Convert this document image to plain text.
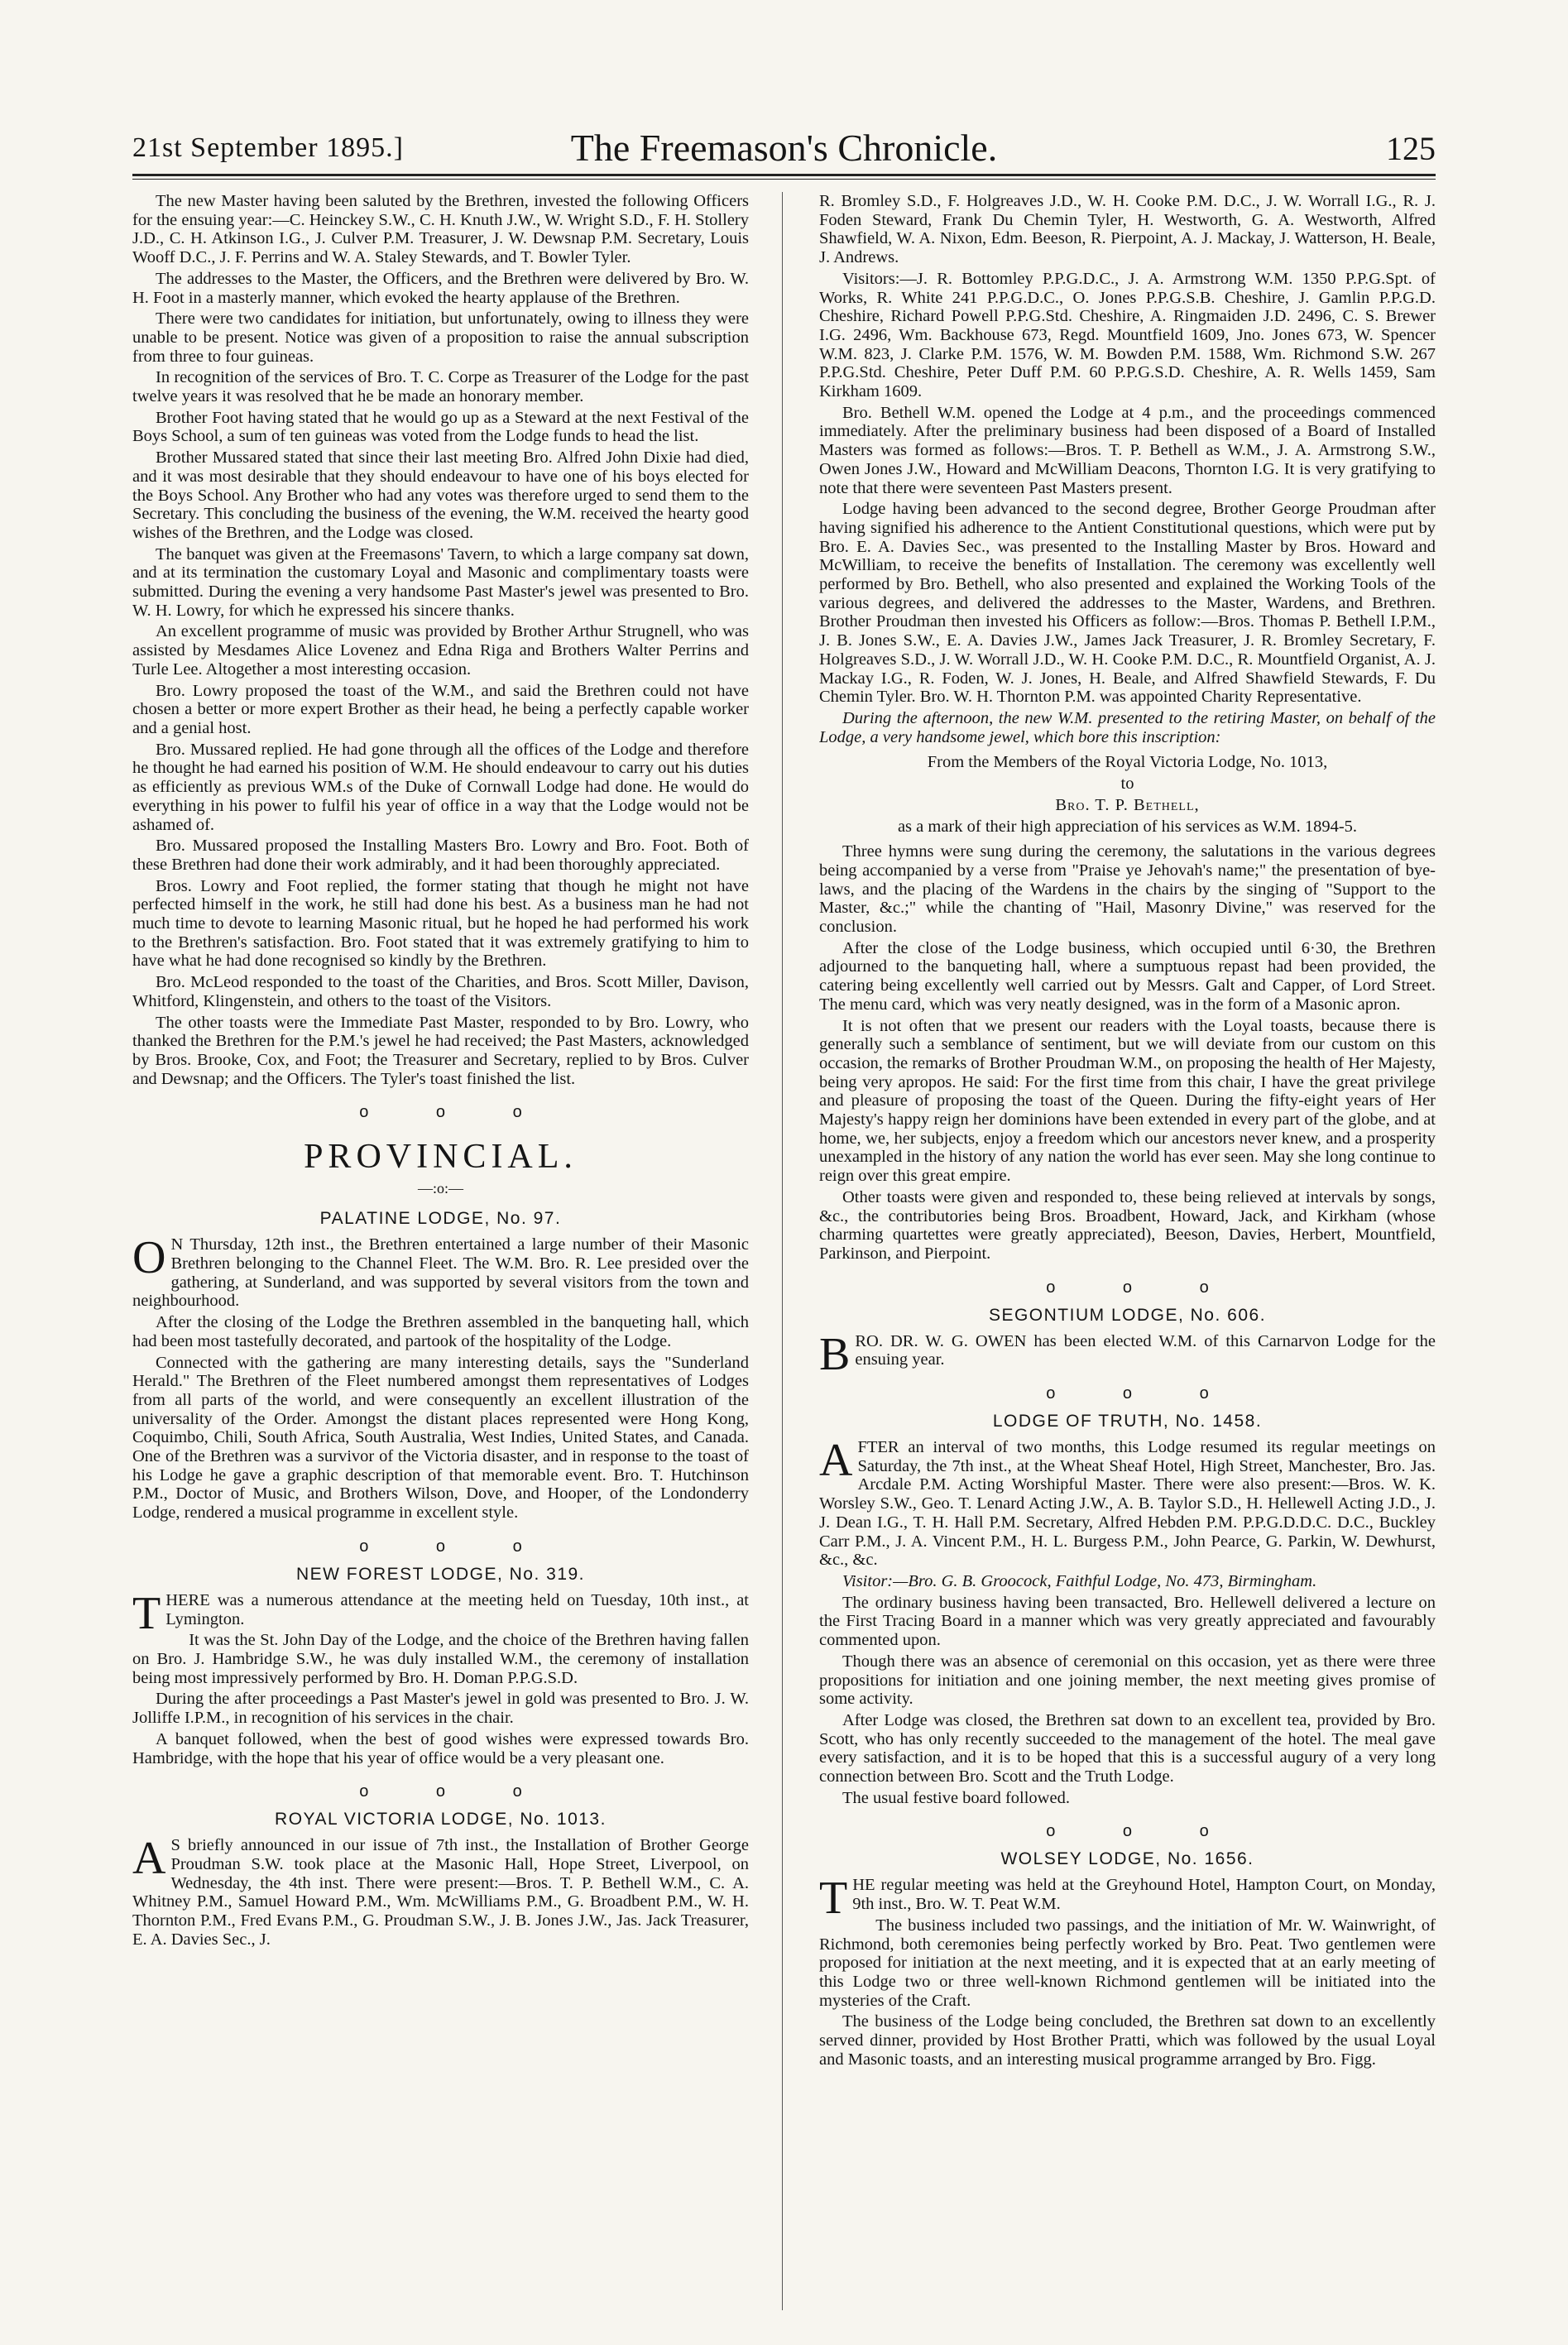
21st September 1895.]	The Freemason's Chronicle.	125

The new Master having been saluted by the Brethren, invested the following Officers for the ensuing year:—C. Heinckey S.W., C. H. Knuth J.W., W. Wright S.D., F. H. Stollery J.D., C. H. Atkinson I.G., J. Culver P.M. Treasurer, J. W. Dewsnap P.M. Secretary, Louis Wooff D.C., J. F. Perrins and W. A. Staley Stewards, and T. Bowler Tyler.

The addresses to the Master, the Officers, and the Brethren were delivered by Bro. W. H. Foot in a masterly manner, which evoked the hearty applause of the Brethren.

There were two candidates for initiation, but unfortunately, owing to illness they were unable to be present. Notice was given of a proposition to raise the annual subscription from three to four guineas.

In recognition of the services of Bro. T. C. Corpe as Treasurer of the Lodge for the past twelve years it was resolved that he be made an honorary member.

Brother Foot having stated that he would go up as a Steward at the next Festival of the Boys School, a sum of ten guineas was voted from the Lodge funds to head the list.

Brother Mussared stated that since their last meeting Bro. Alfred John Dixie had died, and it was most desirable that they should endeavour to have one of his boys elected for the Boys School. Any Brother who had any votes was therefore urged to send them to the Secretary. This concluding the business of the evening, the W.M. received the hearty good wishes of the Brethren, and the Lodge was closed.

The banquet was given at the Freemasons' Tavern, to which a large company sat down, and at its termination the customary Loyal and Masonic and complimentary toasts were submitted. During the evening a very handsome Past Master's jewel was presented to Bro. W. H. Lowry, for which he expressed his sincere thanks.

An excellent programme of music was provided by Brother Arthur Strugnell, who was assisted by Mesdames Alice Lovenez and Edna Riga and Brothers Walter Perrins and Turle Lee. Altogether a most interesting occasion.

Bro. Lowry proposed the toast of the W.M., and said the Brethren could not have chosen a better or more expert Brother as their head, he being a perfectly capable worker and a genial host.

Bro. Mussared replied. He had gone through all the offices of the Lodge and therefore he thought he had earned his position of W.M. He should endeavour to carry out his duties as efficiently as previous WM.s of the Duke of Cornwall Lodge had done. He would do everything in his power to fulfil his year of office in a way that the Lodge would not be ashamed of.

Bro. Mussared proposed the Installing Masters Bro. Lowry and Bro. Foot. Both of these Brethren had done their work admirably, and it had been thoroughly appreciated.

Bros. Lowry and Foot replied, the former stating that though he might not have perfected himself in the work, he still had done his best. As a business man he had not much time to devote to learning Masonic ritual, but he hoped he had performed his work to the Brethren's satisfaction. Bro. Foot stated that it was extremely gratifying to him to have what he had done recognised so kindly by the Brethren.

Bro. McLeod responded to the toast of the Charities, and Bros. Scott Miller, Davison, Whitford, Klingenstein, and others to the toast of the Visitors.

The other toasts were the Immediate Past Master, responded to by Bro. Lowry, who thanked the Brethren for the P.M.'s jewel he had received; the Past Masters, acknowledged by Bros. Brooke, Cox, and Foot; the Treasurer and Secretary, replied to by Bros. Culver and Dewsnap; and the Officers. The Tyler's toast finished the list.

o o o
PROVINCIAL.
—:o:—
PALATINE LODGE, No. 97.

O N Thursday, 12th inst., the Brethren entertained a large number of their Masonic Brethren belonging to the Channel Fleet. The W.M. Bro. R. Lee presided over the gathering, at Sunderland, and was supported by several visitors from the town and neighbourhood.

After the closing of the Lodge the Brethren assembled in the banqueting hall, which had been most tastefully decorated, and partook of the hospitality of the Lodge.

Connected with the gathering are many interesting details, says the "Sunderland Herald." The Brethren of the Fleet numbered amongst them representatives of Lodges from all parts of the world, and were consequently an excellent illustration of the universality of the Order. Amongst the distant places represented were Hong Kong, Coquimbo, Chili, South Africa, South Australia, West Indies, United States, and Canada. One of the Brethren was a survivor of the Victoria disaster, and in response to the toast of his Lodge he gave a graphic description of that memorable event. Bro. T. Hutchinson P.M., Doctor of Music, and Brothers Wilson, Dove, and Hooper, of the Londonderry Lodge, rendered a musical programme in excellent style.

o o o
NEW FOREST LODGE, No. 319.

THERE was a numerous attendance at the meeting held on Tuesday, 10th inst., at Lymington.

It was the St. John Day of the Lodge, and the choice of the Brethren having fallen on Bro. J. Hambridge S.W., he was duly installed W.M., the ceremony of installation being most impressively performed by Bro. H. Doman P.P.G.S.D.

During the after proceedings a Past Master's jewel in gold was presented to Bro. J. W. Jolliffe I.P.M., in recognition of his services in the chair.

A banquet followed, when the best of good wishes were expressed towards Bro. Hambridge, with the hope that his year of office would be a very pleasant one.

o o o
ROYAL VICTORIA LODGE, No. 1013.

A S briefly announced in our issue of 7th inst., the Installation of Brother George Proudman S.W. took place at the Masonic Hall, Hope Street, Liverpool, on Wednesday, the 4th inst. There were present:—Bros. T. P. Bethell W.M., C. A. Whitney P.M., Samuel Howard P.M., Wm. McWilliams P.M., G. Broadbent P.M., W. H. Thornton P.M., Fred Evans P.M., G. Proudman S.W., J. B. Jones J.W., Jas. Jack Treasurer, E. A. Davies Sec., J.

R. Bromley S.D., F. Holgreaves J.D., W. H. Cooke P.M. D.C., J. W. Worrall I.G., R. J. Foden Steward, Frank Du Chemin Tyler, H. Westworth, G. A. Westworth, Alfred Shawfield, W. A. Nixon, Edm. Beeson, R. Pierpoint, A. J. Mackay, J. Watterson, H. Beale, J. Andrews.

Visitors:—J. R. Bottomley P.P.G.D.C., J. A. Armstrong W.M. 1350 P.P.G.Spt. of Works, R. White 241 P.P.G.D.C., O. Jones P.P.G.S.B. Cheshire, J. Gamlin P.P.G.D. Cheshire, Richard Powell P.P.G.Std. Cheshire, A. Ringmaiden J.D. 2496, C. S. Brewer I.G. 2496, Wm. Backhouse 673, Regd. Mountfield 1609, Jno. Jones 673, W. Spencer W.M. 823, J. Clarke P.M. 1576, W. M. Bowden P.M. 1588, Wm. Richmond S.W. 267 P.P.G.Std. Cheshire, Peter Duff P.M. 60 P.P.G.S.D. Cheshire, A. R. Wells 1459, Sam Kirkham 1609.

Bro. Bethell W.M. opened the Lodge at 4 p.m., and the proceedings commenced immediately. After the preliminary business had been disposed of a Board of Installed Masters was formed as follows:—Bros. T. P. Bethell as W.M., J. A. Armstrong S.W., Owen Jones J.W., Howard and McWilliam Deacons, Thornton I.G. It is very gratifying to note that there were seventeen Past Masters present.

Lodge having been advanced to the second degree, Brother George Proudman after having signified his adherence to the Antient Constitutional questions, which were put by Bro. E. A. Davies Sec., was presented to the Installing Master by Bros. Howard and McWilliam, to receive the benefits of Installation. The ceremony was excellently well performed by Bro. Bethell, who also presented and explained the Working Tools of the various degrees, and delivered the addresses to the Master, Wardens, and Brethren. Brother Proudman then invested his Officers as follow:—Bros. Thomas P. Bethell I.P.M., J. B. Jones S.W., E. A. Davies J.W., James Jack Treasurer, J. R. Bromley Secretary, F. Holgreaves S.D., J. W. Worrall J.D., W. H. Cooke P.M. D.C., R. Mountfield Organist, A. J. Mackay I.G., R. Foden, W. J. Jones, H. Beale, and Alfred Shawfield Stewards, F. Du Chemin Tyler. Bro. W. H. Thornton P.M. was appointed Charity Representative.

During the afternoon, the new W.M. presented to the retiring Master, on behalf of the Lodge, a very handsome jewel, which bore this inscription:

From the Members of the Royal Victoria Lodge, No. 1013,

to

Bro. T. P. Bethell,

as a mark of their high appreciation of his services as W.M. 1894-5.

Three hymns were sung during the ceremony, the salutations in the various degrees being accompanied by a verse from "Praise ye Jehovah's name;" the presentation of bye-laws, and the placing of the Wardens in the chairs by the singing of "Support to the Master, &c.;" while the chanting of "Hail, Masonry Divine," was reserved for the conclusion.

After the close of the Lodge business, which occupied until 6·30, the Brethren adjourned to the banqueting hall, where a sumptuous repast had been provided, the catering being excellently well carried out by Messrs. Galt and Capper, of Lord Street. The menu card, which was very neatly designed, was in the form of a Masonic apron.

It is not often that we present our readers with the Loyal toasts, because there is generally such a semblance of sentiment, but we will deviate from our custom on this occasion, the remarks of Brother Proudman W.M., on proposing the health of Her Majesty, being very apropos. He said: For the first time from this chair, I have the great privilege and pleasure of proposing the toast of the Queen. During the fifty-eight years of Her Majesty's happy reign her dominions have been extended in every part of the globe, and at home, we, her subjects, enjoy a freedom which our ancestors never knew, and a prosperity unexampled in the history of any nation the world has ever seen. May she long continue to reign over this great empire.

Other toasts were given and responded to, these being relieved at intervals by songs, &c., the contributories being Bros. Broadbent, Howard, Jack, and Kirkham (whose charming quartettes were greatly appreciated), Beeson, Davies, Herbert, Mountfield, Parkinson, and Pierpoint.

o o o
SEGONTIUM LODGE, No. 606.

BRO. DR. W. G. OWEN has been elected W.M. of this Carnarvon Lodge for the ensuing year.

o o o
LODGE OF TRUTH, No. 1458.

AFTER an interval of two months, this Lodge resumed its regular meetings on Saturday, the 7th inst., at the Wheat Sheaf Hotel, High Street, Manchester, Bro. Jas. Arcdale P.M. Acting Worshipful Master. There were also present:—Bros. W. K. Worsley S.W., Geo. T. Lenard Acting J.W., A. B. Taylor S.D., H. Hellewell Acting J.D., J. J. Dean I.G., T. H. Hall P.M. Secretary, Alfred Hebden P.M. P.P.G.D.D.C. D.C., Buckley Carr P.M., J. A. Vincent P.M., H. L. Burgess P.M., John Pearce, G. Parkin, W. Dewhurst, &c., &c.

Visitor:—Bro. G. B. Groocock, Faithful Lodge, No. 473, Birmingham.

The ordinary business having been transacted, Bro. Hellewell delivered a lecture on the First Tracing Board in a manner which was very greatly appreciated and favourably commented upon.

Though there was an absence of ceremonial on this occasion, yet as there were three propositions for initiation and one joining member, the next meeting gives promise of some activity.

After Lodge was closed, the Brethren sat down to an excellent tea, provided by Bro. Scott, who has only recently succeeded to the management of the hotel. The meal gave every satisfaction, and it is to be hoped that this is a successful augury of a very long connection between Bro. Scott and the Truth Lodge.

The usual festive board followed.

o o o
WOLSEY LODGE, No. 1656.

THE regular meeting was held at the Greyhound Hotel, Hampton Court, on Monday, 9th inst., Bro. W. T. Peat W.M.

The business included two passings, and the initiation of Mr. W. Wainwright, of Richmond, both ceremonies being perfectly worked by Bro. Peat. Two gentlemen were proposed for initiation at the next meeting, and it is expected that at an early meeting of this Lodge two or three well-known Richmond gentlemen will be initiated into the mysteries of the Craft.

The business of the Lodge being concluded, the Brethren sat down to an excellently served dinner, provided by Host Brother Pratti, which was followed by the usual Loyal and Masonic toasts, and an interesting musical programme arranged by Bro. Figg.
